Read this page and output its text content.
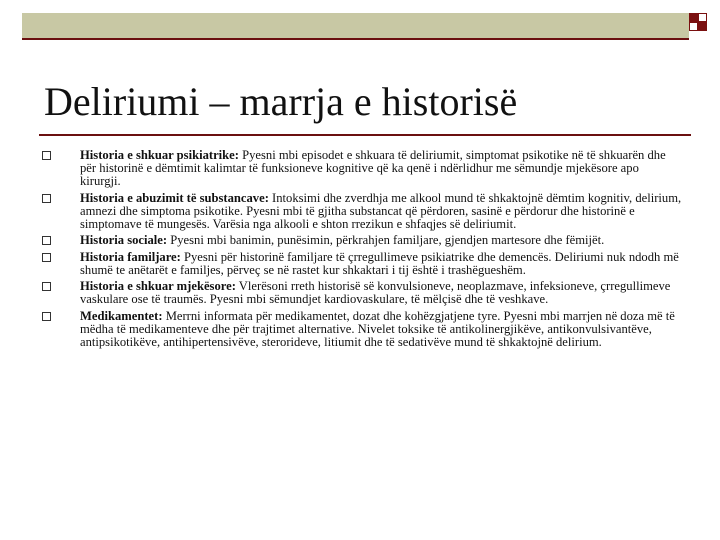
Deliriumi – marrja e historisë
Historia e shkuar psikiatrike: Pyesni mbi episodet e shkuara të deliriumit, simptomat psikotike në të shkuarën dhe për historinë e dëmtimit kalimtar të funksioneve kognitive që ka qenë i ndërlidhur me sëmundje mjekësore apo kirurgji.
Historia e abuzimit të substancave: Intoksimi dhe zverdhja me alkool mund të shkaktojnë dëmtim kognitiv, delirium, amnezi dhe simptoma psikotike. Pyesni mbi të gjitha substancat që përdoren, sasinë e përdorur dhe historinë e simptomave të mungesës. Varësia nga alkooli e shton rrezikun e shfaqjes së deliriumit.
Historia sociale: Pyesni mbi banimin, punësimin, përkrahjen familjare, gjendjen martesore dhe fëmijët.
Historia familjare: Pyesni për historinë familjare të çrregullimeve psikiatrike dhe demencës. Deliriumi nuk ndodh më shumë te anëtarët e familjes, përveç se në rastet kur shkaktari i tij është i trashëgueshëm.
Historia e shkuar mjekësore: Vlerësoni rreth historisë së konvulsioneve, neoplazmave, infeksioneve, çrregullimeve vaskulare ose të traumës. Pyesni mbi sëmundjet kardiovaskulare, të mëlçisë dhe të veshkave.
Medikamentet: Merrni informata për medikamentet, dozat dhe kohëzgjatjene tyre. Pyesni mbi marrjen në doza më të mëdha të medikamenteve dhe për trajtimet alternative. Nivelet toksike të antikolinergjikëve, antikonvulsivantëve, antipsikotikëve, antihipertensivëve, sterorideve, litiumit dhe të sedativëve mund të shkaktojnë delirium.
